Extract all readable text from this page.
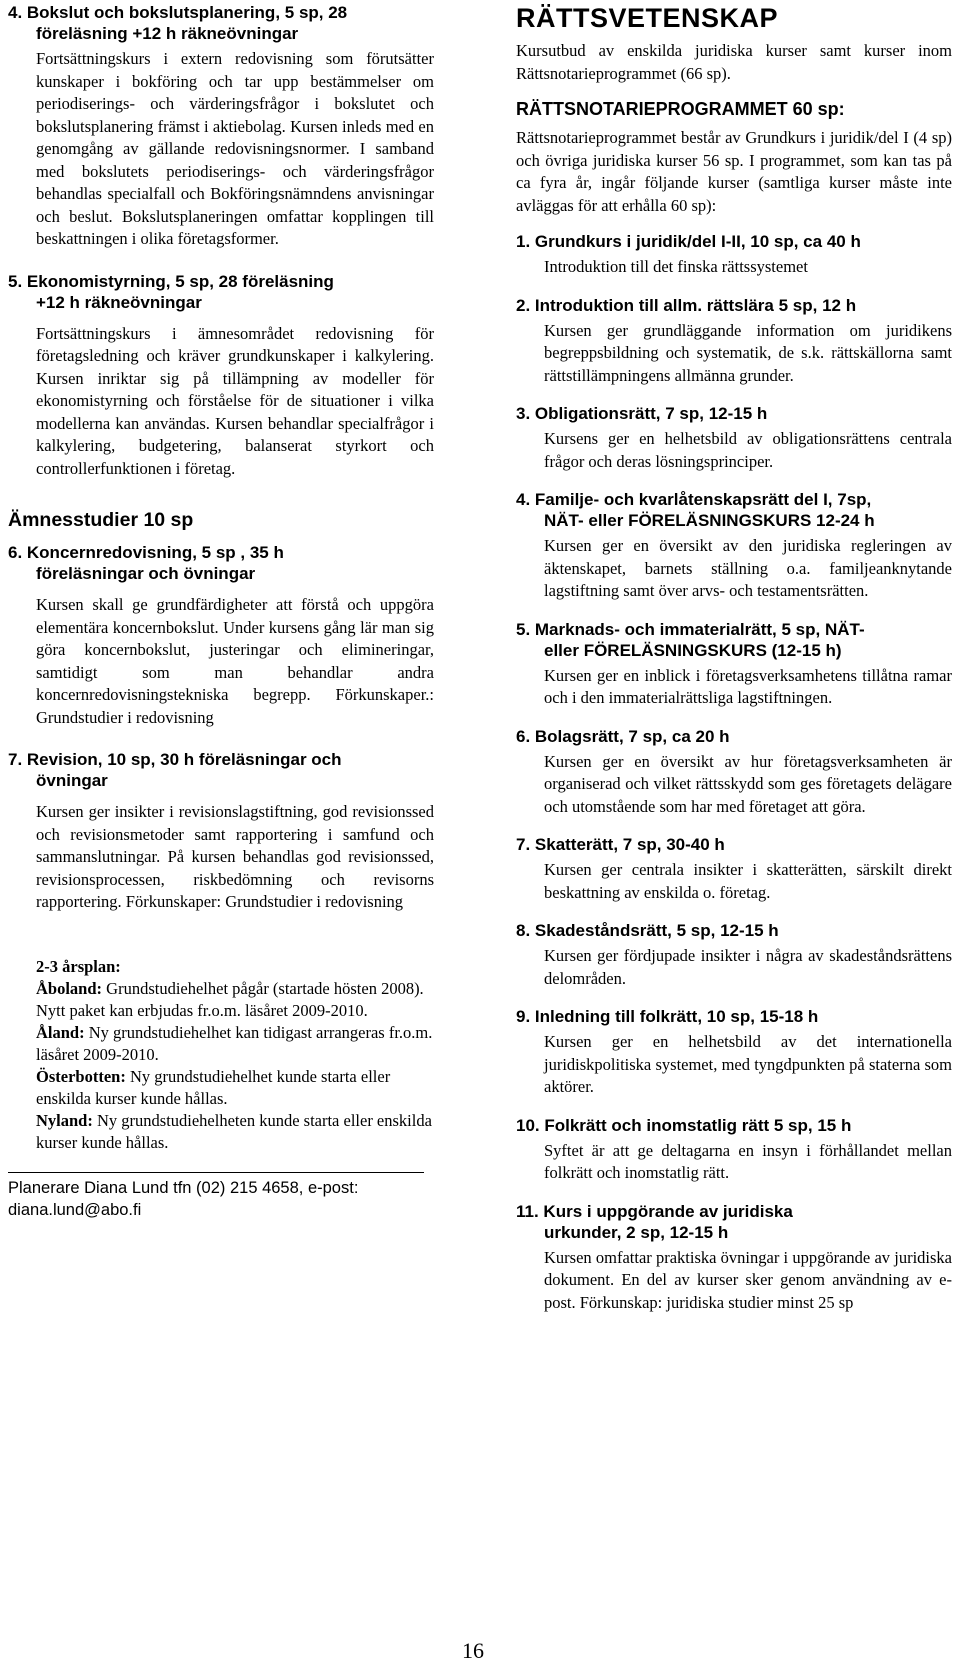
4. Bokslut och bokslutsplanering, 5 sp, 28
föreläsning +12 h räkneövningar

Fortsättningskurs i extern redovisning som förutsätter kunskaper i bokföring och tar upp bestämmelser om periodiserings- och värderingsfrågor i bokslutet och bokslutsplanering främst i aktiebolag. Kursen inleds med en genomgång av gällande redovisningsnormer. I samband med bokslutets periodiserings- och värderingsfrågor behandlas specialfall och Bokföringsnämndens anvisningar och beslut. Bokslutsplaneringen omfattar kopplingen till beskattningen i olika företagsformer.

5. Ekonomistyrning, 5 sp, 28 föreläsning
+12 h räkneövningar

Fortsättningskurs i ämnesområdet redovisning för företagsledning och kräver grundkunskaper i kalkylering. Kursen inriktar sig på tillämpning av modeller för ekonomistyrning och förståelse för de situationer i vilka modellerna kan användas. Kursen behandlar specialfrågor i kalkylering, budgetering, balanserat styrkort och controllerfunktionen i företag.

Ämnesstudier 10 sp
6. Koncernredovisning, 5 sp , 35 h
föreläsningar och övningar

Kursen skall ge grundfärdigheter att förstå och uppgöra elementära koncernbokslut. Under kursens gång lär man sig göra koncernbokslut, justeringar och elimineringar, samtidigt som man behandlar andra koncernredovisningstekniska begrepp. Förkunskaper.: Grundstudier i redovisning

7. Revision, 10 sp, 30 h föreläsningar och
övningar

Kursen ger insikter i revisionslagstiftning, god revisionssed och revisionsmetoder samt rapportering i samfund och sammanslutningar. På kursen behandlas god revisionssed, revisionsprocessen, riskbedömning och revisorns rapportering. Förkunskaper: Grundstudier i redovisning

2-3 årsplan:

Åboland: Grundstudiehelhet pågår (startade hösten 2008). Nytt paket kan erbjudas fr.o.m. läsåret 2009-2010.

Åland: Ny grundstudiehelhet kan tidigast arrangeras fr.o.m. läsåret 2009-2010.

Österbotten: Ny grundstudiehelhet kunde starta eller enskilda kurser kunde hållas.

Nyland: Ny grundstudiehelheten kunde starta eller enskilda kurser kunde hållas.

Planerare Diana Lund tfn (02) 215 4658, e-post: diana.lund@abo.fi
RÄTTSVETENSKAP

Kursutbud av enskilda juridiska kurser samt kurser inom Rättsnotarieprogrammet (66 sp).

RÄTTSNOTARIEPROGRAMMET 60 sp:

Rättsnotarieprogrammet består av Grundkurs i juridik/del I (4 sp) och övriga juridiska kurser 56 sp. I programmet, som kan tas på ca fyra år, ingår följande kurser (samtliga kurser måste inte avläggas för att erhålla 60 sp):

1. Grundkurs i juridik/del I-II, 10 sp, ca 40 h

Introduktion till det finska rättssystemet

2. Introduktion till allm. rättslära 5 sp, 12 h

Kursen ger grundläggande information om juridikens begreppsbildning och systematik, de s.k. rättskällorna samt rättstillämpningens allmänna grunder.

3. Obligationsrätt, 7 sp, 12-15 h

Kursens ger en helhetsbild av obligationsrättens centrala frågor och deras lösningsprinciper.

4. Familje- och kvarlåtenskapsrätt del I, 7sp,
NÄT- eller FÖRELÄSNINGSKURS 12-24 h

Kursen ger en översikt av den juridiska regleringen av äktenskapet, barnets ställning o.a. familjeanknytande lagstiftning samt över arvs- och testamentsrätten.

5. Marknads- och immaterialrätt, 5 sp, NÄT-
eller FÖRELÄSNINGSKURS (12-15 h)

Kursen ger en inblick i företagsverksamhetens tillåtna ramar och i den immaterialrättsliga lagstiftningen.

6. Bolagsrätt, 7 sp, ca 20 h

Kursen ger en översikt av hur företagsverksamheten är organiserad och vilket rättsskydd som ges företagets delägare och utomstående som har med företaget att göra.

7. Skatterätt, 7 sp, 30-40 h

Kursen ger centrala insikter i skatterätten, särskilt direkt beskattning av enskilda o. företag.

8. Skadeståndsrätt, 5 sp, 12-15 h

Kursen ger fördjupade insikter i några av skadeståndsrättens delområden.

9. Inledning till folkrätt, 10 sp, 15-18 h

Kursen ger en helhetsbild av det internationella juridiskpolitiska systemet, med tyngdpunkten på staterna som aktörer.

10. Folkrätt och inomstatlig rätt 5 sp, 15 h

Syftet är att ge deltagarna en insyn i förhållandet mellan folkrätt och inomstatlig rätt.

11. Kurs i uppgörande av juridiska
urkunder, 2 sp, 12-15 h

Kursen omfattar praktiska övningar i uppgörande av juridiska dokument. En del av kurser sker genom användning av e-post. Förkunskap: juridiska studier minst 25 sp

16
